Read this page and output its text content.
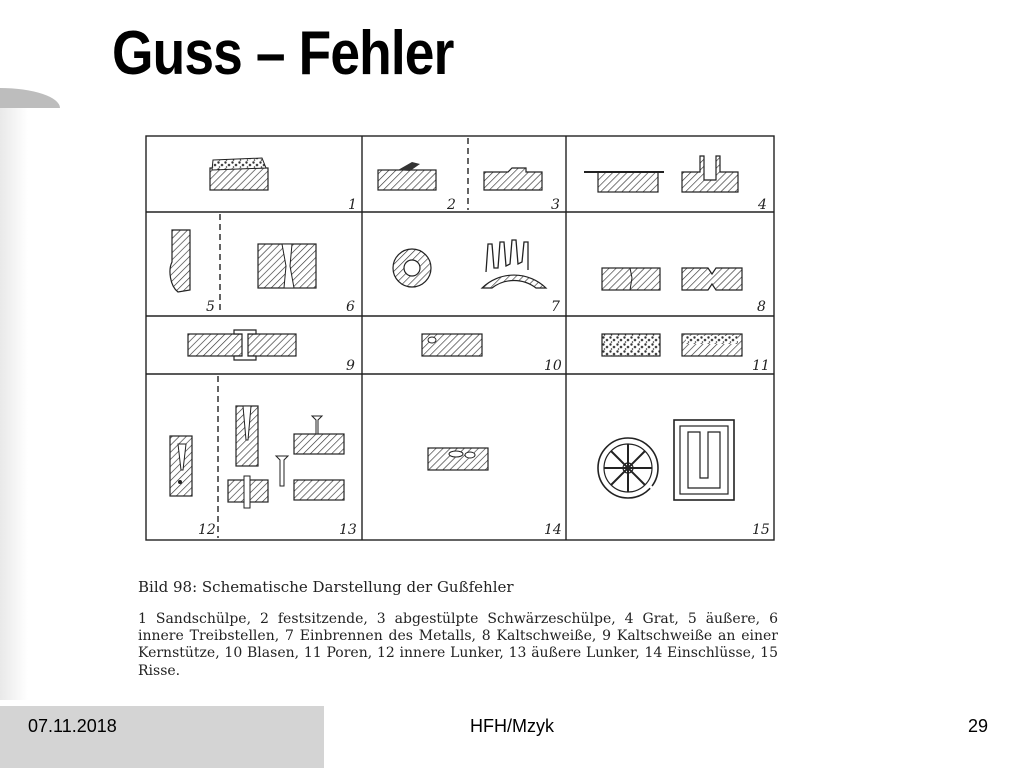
Guss – Fehler
1	2	3	4
5	6	7	8
9	10	11
12	13	14	15
Bild 98: Schematische Darstellung der Gußfehler
1 Sandschülpe, 2 festsitzende, 3 abgestülpte Schwärzeschülpe, 4 Grat, 5 äußere, 6 innere Treibstellen, 7 Einbrennen des Metalls, 8 Kaltschweiße, 9 Kaltschweiße an einer Kernstütze, 10 Blasen, 11 Poren, 12 innere Lunker, 13 äußere Lunker, 14 Einschlüsse, 15 Risse.
07.11.2018	HFH/Mzyk	29
